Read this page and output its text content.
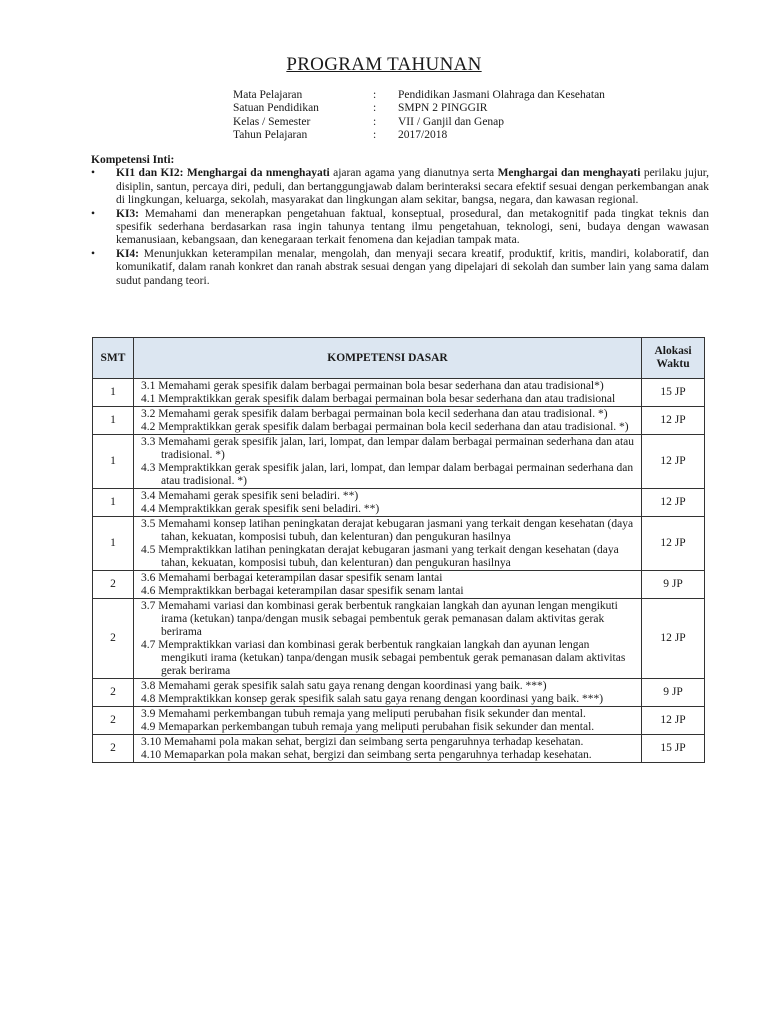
PROGRAM TAHUNAN
Mata Pelajaran	:	Pendidikan Jasmani Olahraga dan Kesehatan
Satuan Pendidikan	:	SMPN 2 PINGGIR
Kelas / Semester	:	VII / Ganjil dan Genap
Tahun Pelajaran	:	2017/2018
Kompetensi Inti:
• KI1 dan KI2: Menghargai da nmenghayati ajaran agama yang dianutnya serta Menghargai dan menghayati perilaku jujur, disiplin, santun, percaya diri, peduli, dan bertanggungjawab dalam berinteraksi secara efektif sesuai dengan perkembangan anak di lingkungan, keluarga, sekolah, masyarakat dan lingkungan alam sekitar, bangsa, negara, dan kawasan regional.
• KI3: Memahami dan menerapkan pengetahuan faktual, konseptual, prosedural, dan metakognitif pada tingkat teknis dan spesifik sederhana berdasarkan rasa ingin tahunya tentang ilmu pengetahuan, teknologi, seni, budaya dengan wawasan kemanusiaan, kebangsaan, dan kenegaraan terkait fenomena dan kejadian tampak mata.
• KI4: Menunjukkan keterampilan menalar, mengolah, dan menyaji secara kreatif, produktif, kritis, mandiri, kolaboratif, dan komunikatif, dalam ranah konkret dan ranah abstrak sesuai dengan yang dipelajari di sekolah dan sumber lain yang sama dalam sudut pandang teori.
SMT	KOMPETENSI DASAR	Alokasi Waktu
1	3.1 Memahami gerak spesifik dalam berbagai permainan bola besar sederhana dan atau tradisional*)
4.1 Mempraktikkan gerak spesifik dalam berbagai permainan bola besar sederhana dan atau tradisional	15 JP
1	3.2 Memahami gerak spesifik dalam berbagai permainan bola kecil sederhana dan atau tradisional. *)
4.2 Mempraktikkan gerak spesifik dalam berbagai permainan bola kecil sederhana dan atau tradisional. *)	12 JP
1	3.3 Memahami gerak spesifik jalan, lari, lompat, dan lempar dalam berbagai permainan sederhana dan atau tradisional. *)
4.3 Mempraktikkan gerak spesifik jalan, lari, lompat, dan lempar dalam berbagai permainan sederhana dan atau tradisional. *)	12 JP
1	3.4 Memahami gerak spesifik seni beladiri. **)
4.4 Mempraktikkan gerak spesifik seni beladiri. **)	12 JP
1	3.5 Memahami konsep latihan peningkatan derajat kebugaran jasmani yang terkait dengan kesehatan (daya tahan, kekuatan, komposisi tubuh, dan kelenturan) dan pengukuran hasilnya
4.5 Mempraktikkan latihan peningkatan derajat kebugaran jasmani yang terkait dengan kesehatan (daya tahan, kekuatan, komposisi tubuh, dan kelenturan) dan pengukuran hasilnya	12 JP
2	3.6 Memahami berbagai keterampilan dasar spesifik senam lantai
4.6 Mempraktikkan berbagai keterampilan dasar spesifik senam lantai	9 JP
2	3.7 Memahami variasi dan kombinasi gerak berbentuk rangkaian langkah dan ayunan lengan mengikuti irama (ketukan) tanpa/dengan musik sebagai pembentuk gerak pemanasan dalam aktivitas gerak berirama
4.7 Mempraktikkan variasi dan kombinasi gerak berbentuk rangkaian langkah dan ayunan lengan mengikuti irama (ketukan) tanpa/dengan musik sebagai pembentuk gerak pemanasan dalam aktivitas gerak berirama	12 JP
2	3.8 Memahami gerak spesifik salah satu gaya renang dengan koordinasi yang baik. ***)
4.8 Mempraktikkan konsep gerak spesifik salah satu gaya renang dengan koordinasi yang baik. ***)	9 JP
2	3.9 Memahami perkembangan tubuh remaja yang meliputi perubahan fisik sekunder dan mental.
4.9 Memaparkan perkembangan tubuh remaja yang meliputi perubahan fisik sekunder dan mental.	12 JP
2	3.10 Memahami pola makan sehat, bergizi dan seimbang serta pengaruhnya terhadap kesehatan.
4.10 Memaparkan pola makan sehat, bergizi dan seimbang serta pengaruhnya terhadap kesehatan.	15 JP
